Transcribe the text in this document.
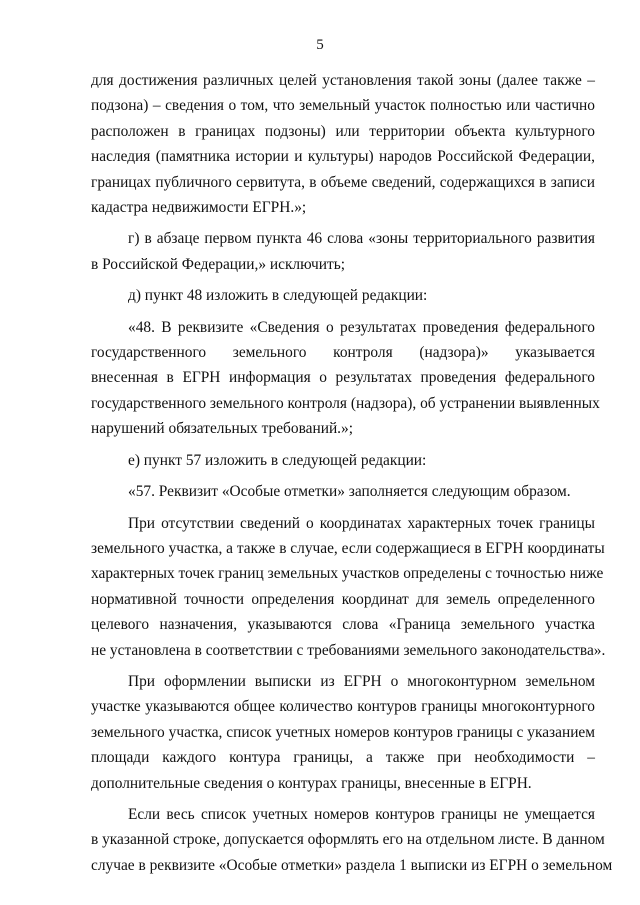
5

для достижения различных целей установления такой зоны (далее также –
подзона) – сведения о том, что земельный участок полностью или частично
расположен в границах подзоны) или территории объекта культурного
наследия (памятника истории и культуры) народов Российской Федерации,
границах публичного сервитута, в объеме сведений, содержащихся в записи
кадастра недвижимости ЕГРН.»;

г) в абзаце первом пункта 46 слова «зоны территориального развития
в Российской Федерации,» исключить;

д) пункт 48 изложить в следующей редакции:

«48. В реквизите «Сведения о результатах проведения федерального
государственного земельного контроля (надзора)» указывается
внесенная в ЕГРН информация о результатах проведения федерального
государственного земельного контроля (надзора), об устранении выявленных
нарушений обязательных требований.»;

е) пункт 57 изложить в следующей редакции:

«57. Реквизит «Особые отметки» заполняется следующим образом.

При отсутствии сведений о координатах характерных точек границы
земельного участка, а также в случае, если содержащиеся в ЕГРН координаты
характерных точек границ земельных участков определены с точностью ниже
нормативной точности определения координат для земель определенного
целевого назначения, указываются слова «Граница земельного участка
не установлена в соответствии с требованиями земельного законодательства».

При оформлении выписки из ЕГРН о многоконтурном земельном
участке указываются общее количество контуров границы многоконтурного
земельного участка, список учетных номеров контуров границы с указанием
площади каждого контура границы, а также при необходимости –
дополнительные сведения о контурах границы, внесенные в ЕГРН.

Если весь список учетных номеров контуров границы не умещается
в указанной строке, допускается оформлять его на отдельном листе. В данном
случае в реквизите «Особые отметки» раздела 1 выписки из ЕГРН о земельном
